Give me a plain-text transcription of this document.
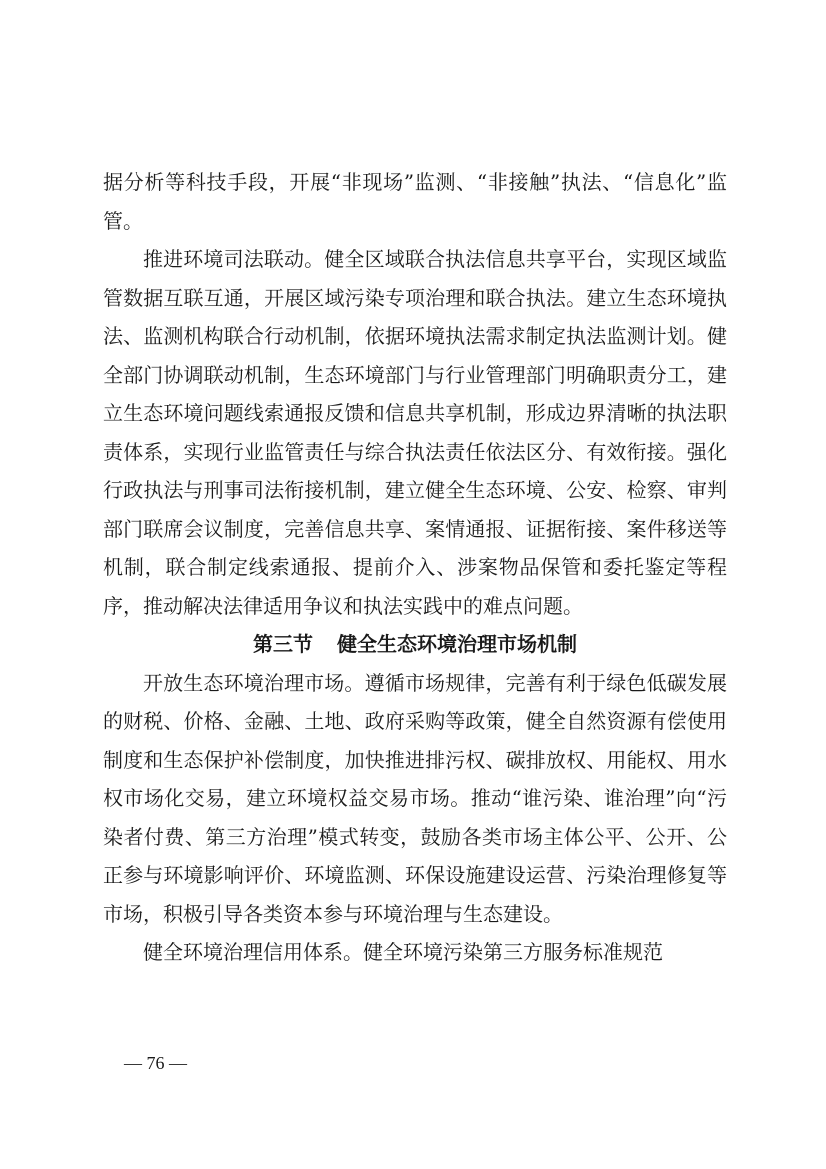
据分析等科技手段，开展“非现场”监测、“非接触”执法、“信息化”监管。

推进环境司法联动。健全区域联合执法信息共享平台，实现区域监管数据互联互通，开展区域污染专项治理和联合执法。建立生态环境执法、监测机构联合行动机制，依据环境执法需求制定执法监测计划。健全部门协调联动机制，生态环境部门与行业管理部门明确职责分工，建立生态环境问题线索通报反馈和信息共享机制，形成边界清晰的执法职责体系，实现行业监管责任与综合执法责任依法区分、有效衔接。强化行政执法与刑事司法衔接机制，建立健全生态环境、公安、检察、审判部门联席会议制度，完善信息共享、案情通报、证据衔接、案件移送等机制，联合制定线索通报、提前介入、涉案物品保管和委托鉴定等程序，推动解决法律适用争议和执法实践中的难点问题。

第三节 健全生态环境治理市场机制

开放生态环境治理市场。遵循市场规律，完善有利于绿色低碳发展的财税、价格、金融、土地、政府采购等政策，健全自然资源有偿使用制度和生态保护补偿制度，加快推进排污权、碳排放权、用能权、用水权市场化交易，建立环境权益交易市场。推动“谁污染、谁治理”向“污染者付费、第三方治理”模式转变，鼓励各类市场主体公平、公开、公正参与环境影响评价、环境监测、环保设施建设运营、污染治理修复等市场，积极引导各类资本参与环境治理与生态建设。

健全环境治理信用体系。健全环境污染第三方服务标准规范

— 76 —
